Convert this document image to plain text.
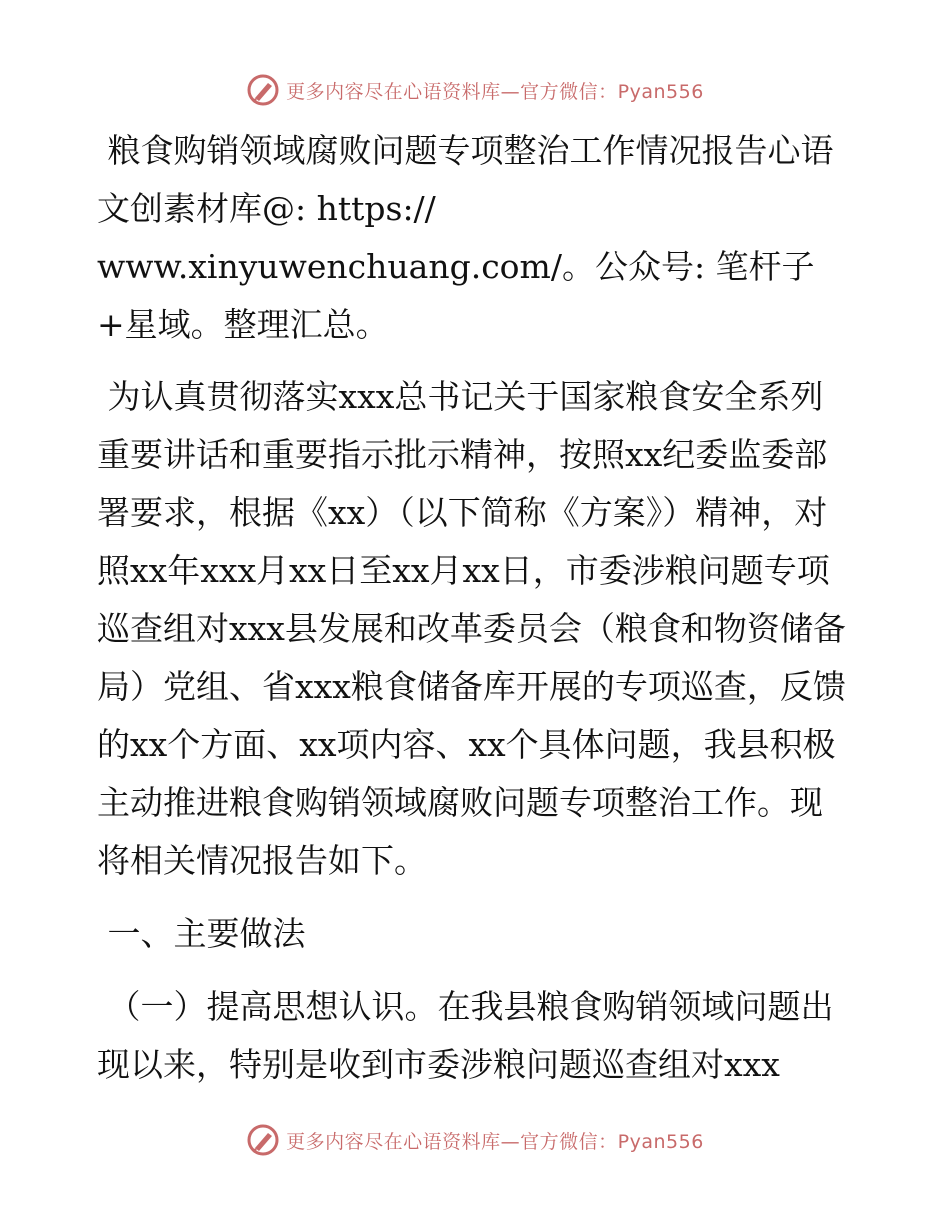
更多内容尽在心语资料库—官方微信：Pyan556

粮食购销领域腐败问题专项整治工作情况报告心语文创素材库@: https://
www.xinyuwenchuang.com/。公众号: 笔杆子+星域。整理汇总。

为认真贯彻落实xxx总书记关于国家粮食安全系列重要讲话和重要指示批示精神，按照xx纪委监委部署要求，根据《xx）（以下简称《方案》）精神，对照xx年xxx月xx日至xx月xx日，市委涉粮问题专项巡查组对xxx县发展和改革委员会（粮食和物资储备局）党组、省xxx粮食储备库开展的专项巡查，反馈的xx个方面、xx项内容、xx个具体问题，我县积极主动推进粮食购销领域腐败问题专项整治工作。现将相关情况报告如下。

一、主要做法

（一）提高思想认识。在我县粮食购销领域问题出现以来，特别是收到市委涉粮问题巡查组对xxx

更多内容尽在心语资料库—官方微信：Pyan556
